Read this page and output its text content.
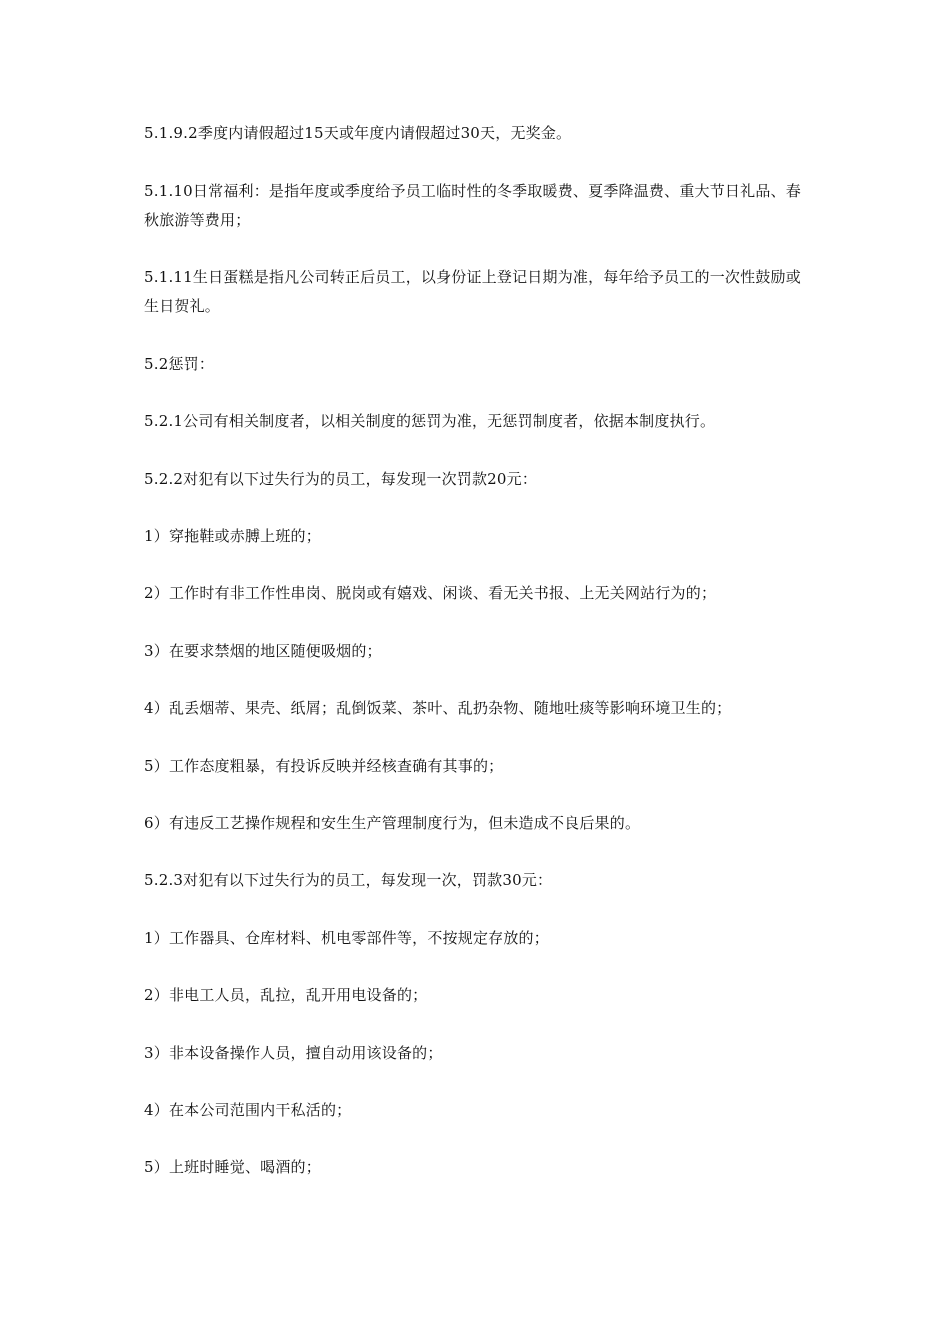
5.1.9.2季度内请假超过15天或年度内请假超过30天，无奖金。

5.1.10日常福利：是指年度或季度给予员工临时性的冬季取暖费、夏季降温费、重大节日礼品、春秋旅游等费用；

5.1.11生日蛋糕是指凡公司转正后员工，以身份证上登记日期为准，每年给予员工的一次性鼓励或生日贺礼。

5.2惩罚：

5.2.1公司有相关制度者，以相关制度的惩罚为准，无惩罚制度者，依据本制度执行。

5.2.2对犯有以下过失行为的员工，每发现一次罚款20元：

1）穿拖鞋或赤膊上班的；

2）工作时有非工作性串岗、脱岗或有嬉戏、闲谈、看无关书报、上无关网站行为的；

3）在要求禁烟的地区随便吸烟的；

4）乱丢烟蒂、果壳、纸屑；乱倒饭菜、茶叶、乱扔杂物、随地吐痰等影响环境卫生的；

5）工作态度粗暴，有投诉反映并经核查确有其事的；

6）有违反工艺操作规程和安生生产管理制度行为，但未造成不良后果的。

5.2.3对犯有以下过失行为的员工，每发现一次，罚款30元：

1）工作器具、仓库材料、机电零部件等，不按规定存放的；

2）非电工人员，乱拉，乱开用电设备的；

3）非本设备操作人员，擅自动用该设备的；

4）在本公司范围内干私活的；

5）上班时睡觉、喝酒的；
